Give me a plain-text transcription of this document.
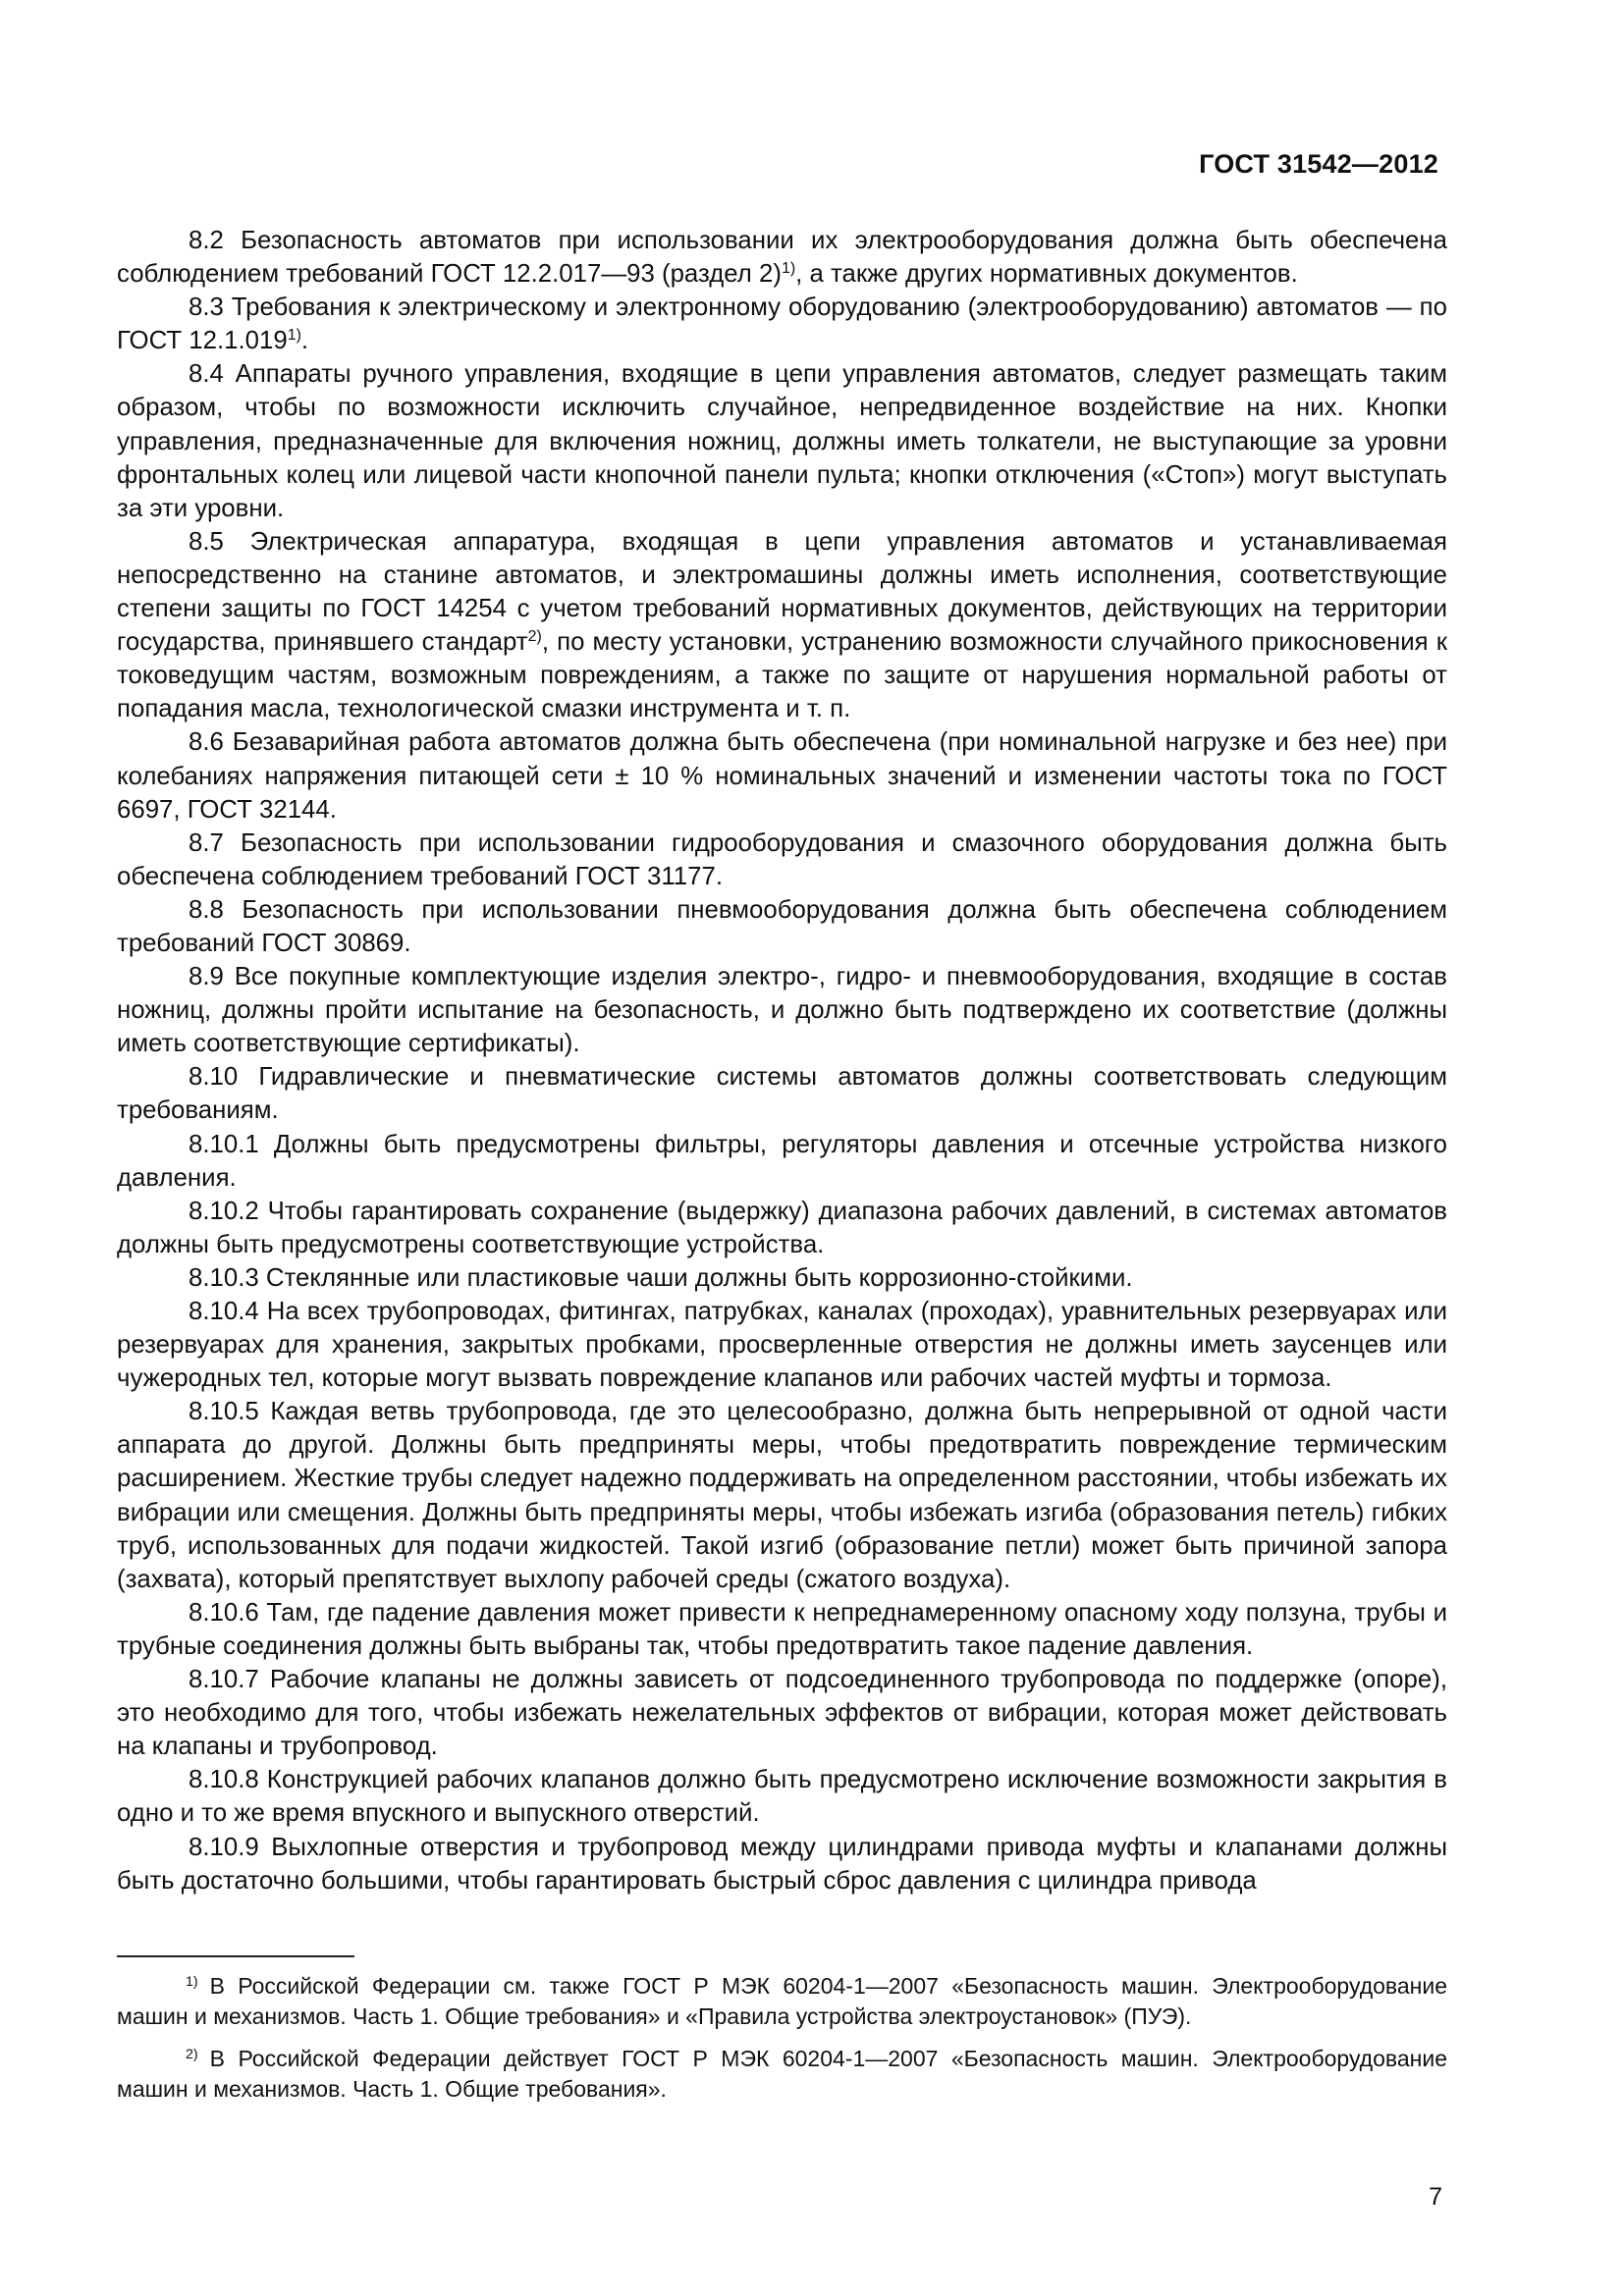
ГОСТ 31542—2012

8.2 Безопасность автоматов при использовании их электрооборудования должна быть обеспечена соблюдением требований ГОСТ 12.2.017—93 (раздел 2)$^{1)}$, а также других нормативных документов.

8.3 Требования к электрическому и электронному оборудованию (электрооборудованию) автоматов — по ГОСТ 12.1.019$^{1)}$.

8.4 Аппараты ручного управления, входящие в цепи управления автоматов, следует размещать таким образом, чтобы по возможности исключить случайное, непредвиденное воздействие на них. Кнопки управления, предназначенные для включения ножниц, должны иметь толкатели, не выступающие за уровни фронтальных колец или лицевой части кнопочной панели пульта; кнопки отключения («Стоп») могут выступать за эти уровни.

8.5 Электрическая аппаратура, входящая в цепи управления автоматов и устанавливаемая непосредственно на станине автоматов, и электромашины должны иметь исполнения, соответствующие степени защиты по ГОСТ 14254 с учетом требований нормативных документов, действующих на территории государства, принявшего стандарт$^{2)}$, по месту установки, устранению возможности случайного прикосновения к токоведущим частям, возможным повреждениям, а также по защите от нарушения нормальной работы от попадания масла, технологической смазки инструмента и т. п.

8.6 Безаварийная работа автоматов должна быть обеспечена (при номинальной нагрузке и без нее) при колебаниях напряжения питающей сети ± 10 % номинальных значений и изменении частоты тока по ГОСТ 6697, ГОСТ 32144.

8.7 Безопасность при использовании гидрооборудования и смазочного оборудования должна быть обеспечена соблюдением требований ГОСТ 31177.

8.8 Безопасность при использовании пневмооборудования должна быть обеспечена соблюдением требований ГОСТ 30869.

8.9 Все покупные комплектующие изделия электро-, гидро- и пневмооборудования, входящие в состав ножниц, должны пройти испытание на безопасность, и должно быть подтверждено их соответствие (должны иметь соответствующие сертификаты).

8.10 Гидравлические и пневматические системы автоматов должны соответствовать следующим требованиям.

8.10.1 Должны быть предусмотрены фильтры, регуляторы давления и отсечные устройства низкого давления.

8.10.2 Чтобы гарантировать сохранение (выдержку) диапазона рабочих давлений, в системах автоматов должны быть предусмотрены соответствующие устройства.

8.10.3 Стеклянные или пластиковые чаши должны быть коррозионно-стойкими.

8.10.4 На всех трубопроводах, фитингах, патрубках, каналах (проходах), уравнительных резервуарах или резервуарах для хранения, закрытых пробками, просверленные отверстия не должны иметь заусенцев или чужеродных тел, которые могут вызвать повреждение клапанов или рабочих частей муфты и тормоза.

8.10.5 Каждая ветвь трубопровода, где это целесообразно, должна быть непрерывной от одной части аппарата до другой. Должны быть предприняты меры, чтобы предотвратить повреждение термическим расширением. Жесткие трубы следует надежно поддерживать на определенном расстоянии, чтобы избежать их вибрации или смещения. Должны быть предприняты меры, чтобы избежать изгиба (образования петель) гибких труб, использованных для подачи жидкостей. Такой изгиб (образование петли) может быть причиной запора (захвата), который препятствует выхлопу рабочей среды (сжатого воздуха).

8.10.6 Там, где падение давления может привести к непреднамеренному опасному ходу ползуна, трубы и трубные соединения должны быть выбраны так, чтобы предотвратить такое падение давления.

8.10.7 Рабочие клапаны не должны зависеть от подсоединенного трубопровода по поддержке (опоре), это необходимо для того, чтобы избежать нежелательных эффектов от вибрации, которая может действовать на клапаны и трубопровод.

8.10.8 Конструкцией рабочих клапанов должно быть предусмотрено исключение возможности закрытия в одно и то же время впускного и выпускного отверстий.

8.10.9 Выхлопные отверстия и трубопровод между цилиндрами привода муфты и клапанами должны быть достаточно большими, чтобы гарантировать быстрый сброс давления с цилиндра привода

$^{1)}$ В Российской Федерации см. также ГОСТ Р МЭК 60204-1—2007 «Безопасность машин. Электрооборудование машин и механизмов. Часть 1. Общие требования» и «Правила устройства электроустановок» (ПУЭ).

$^{2)}$ В Российской Федерации действует ГОСТ Р МЭК 60204-1—2007 «Безопасность машин. Электрооборудование машин и механизмов. Часть 1. Общие требования».

7
